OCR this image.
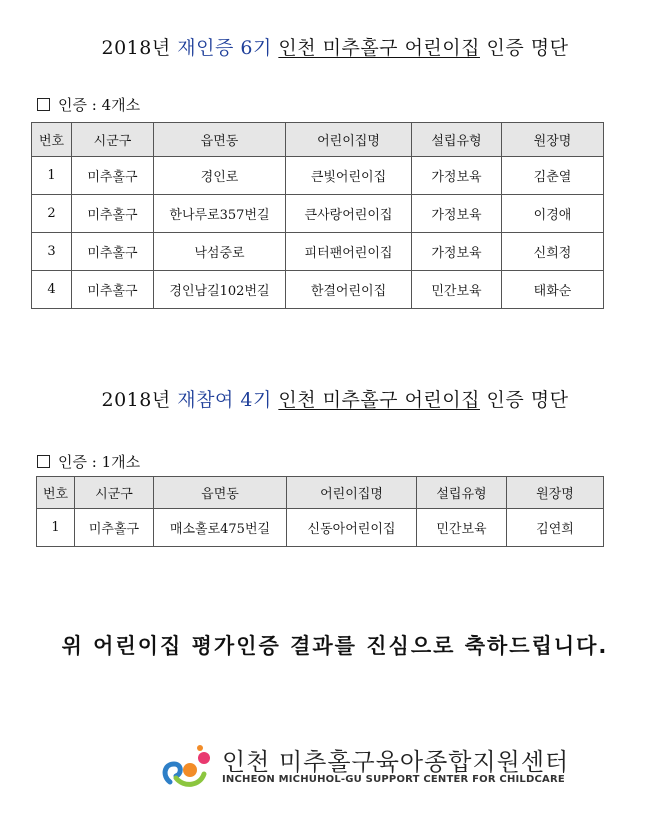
2018년 재인증 6기 인천 미추홀구 어린이집 인증 명단
인증 : 4개소
번호	시군구	읍면동	어린이집명	설립유형	원장명
1	미추홀구	경인로	큰빛어린이집	가정보육	김춘열
2	미추홀구	한나루로357번길	큰사랑어린이집	가정보육	이경애
3	미추홀구	낙섬중로	피터팬어린이집	가정보육	신희정
4	미추홀구	경인남길102번길	한결어린이집	민간보육	태화순
2018년 재참여 4기 인천 미추홀구 어린이집 인증 명단
인증 : 1개소
번호	시군구	읍면동	어린이집명	설립유형	원장명
1	미추홀구	매소홀로475번길	신동아어린이집	민간보육	김연희
위 어린이집 평가인증 결과를 진심으로 축하드립니다.
인천 미추홀구육아종합지원센터
INCHEON MICHUHOL-GU SUPPORT CENTER FOR CHILDCARE
